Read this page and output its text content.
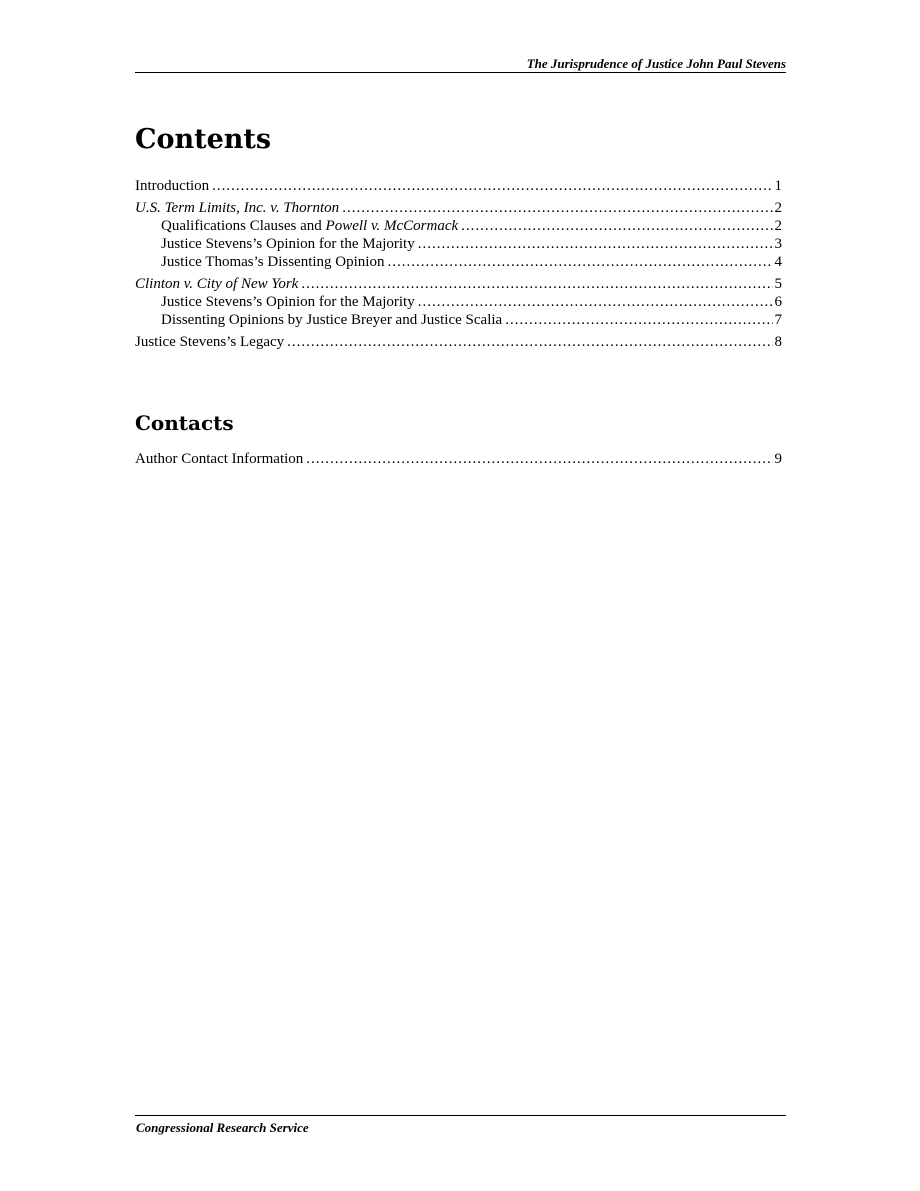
The Jurisprudence of Justice John Paul Stevens
Contents
Introduction .....	1
U.S. Term Limits, Inc. v. Thornton .....	2
Qualifications Clauses and Powell v. McCormack .....	2
Justice Stevens’s Opinion for the Majority .....	3
Justice Thomas’s Dissenting Opinion .....	4
Clinton v. City of New York .....	5
Justice Stevens’s Opinion for the Majority .....	6
Dissenting Opinions by Justice Breyer and Justice Scalia .....	7
Justice Stevens’s Legacy .....	8
Contacts
Author Contact Information .....	9
Congressional Research Service
